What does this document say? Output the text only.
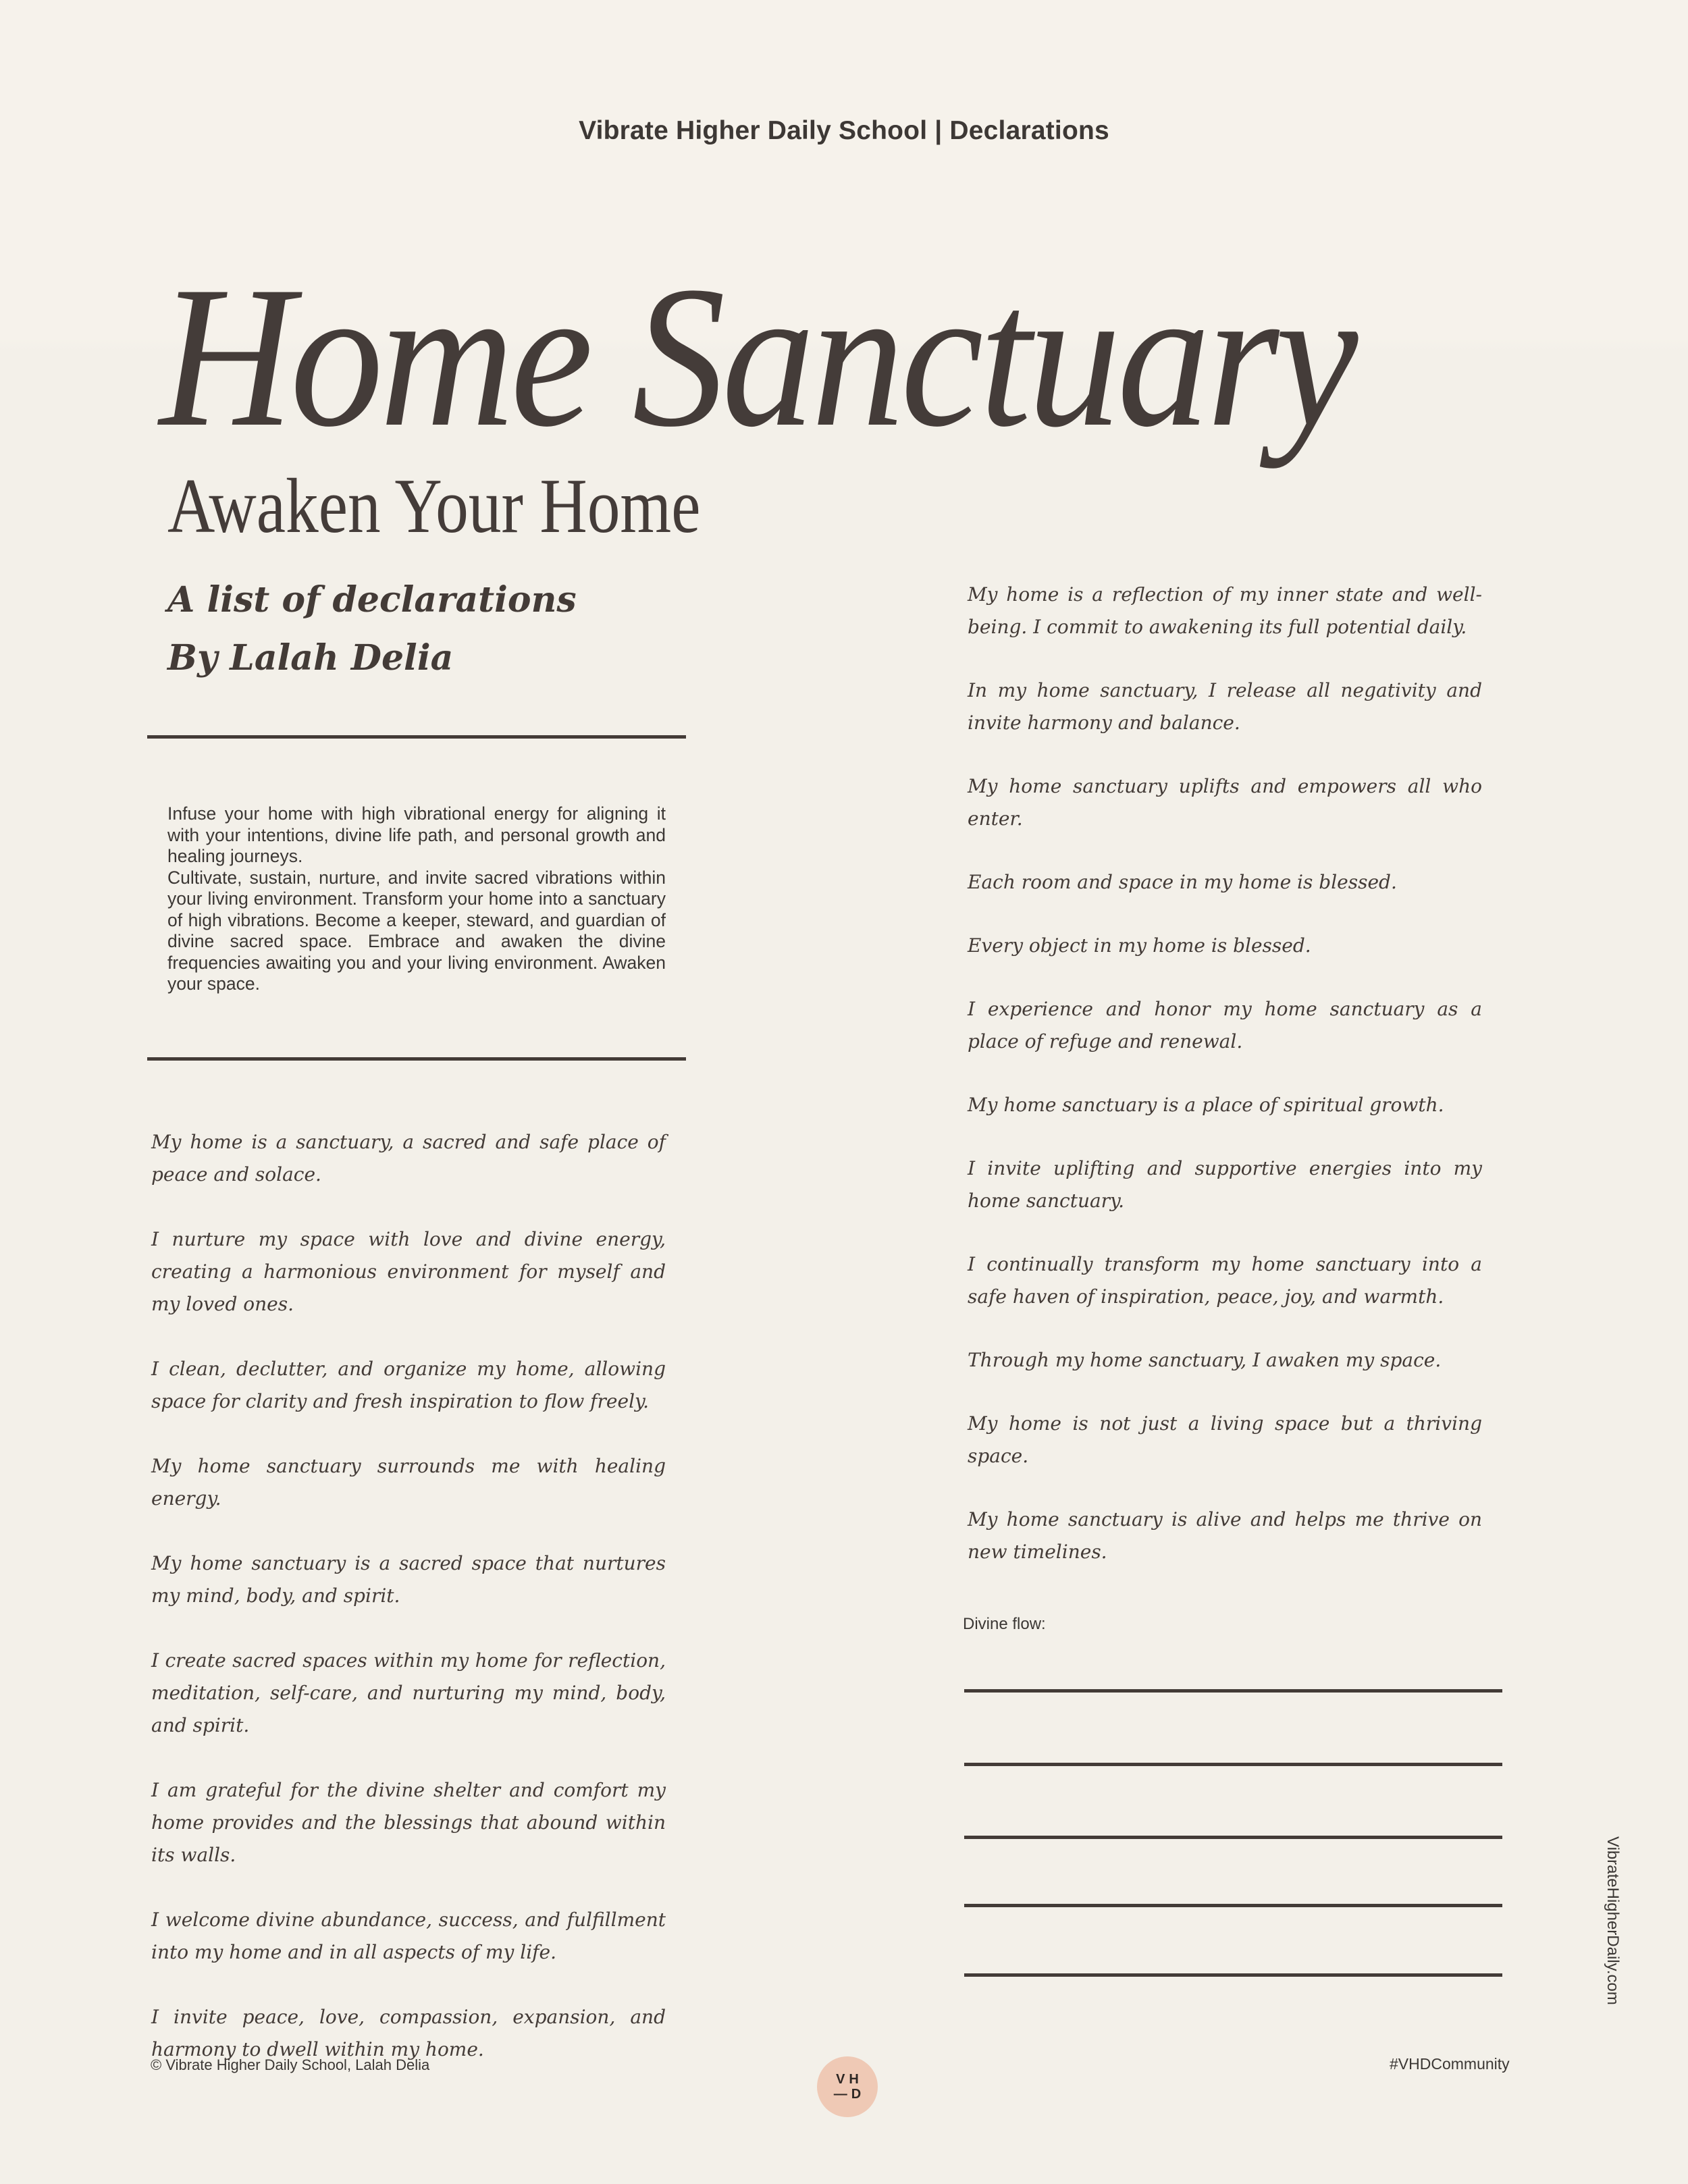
Vibrate Higher Daily School | Declarations
Home Sanctuary
Awaken Your Home
A list of declarations
By Lalah Delia

Infuse your home with high vibrational energy for aligning it with your intentions, divine life path, and personal growth and healing journeys.

Cultivate, sustain, nurture, and invite sacred vibrations within your living environment. Transform your home into a sanctuary of high vibrations. Become a keeper, steward, and guardian of divine sacred space. Embrace and awaken the divine frequencies awaiting you and your living environment. Awaken your space.

My home is a sanctuary, a sacred and safe place of peace and solace.

I nurture my space with love and divine energy, creating a harmonious environment for myself and my loved ones.

I clean, declutter, and organize my home, allowing space for clarity and fresh inspiration to flow freely.

My home sanctuary surrounds me with healing energy.

My home sanctuary is a sacred space that nurtures my mind, body, and spirit.

I create sacred spaces within my home for reflection, meditation, self-care, and nurturing my mind, body, and spirit.

I am grateful for the divine shelter and comfort my home provides and the blessings that abound within its walls.

I welcome divine abundance, success, and fulfillment into my home and in all aspects of my life.

I invite peace, love, compassion, expansion, and harmony to dwell within my home.

My home is a reflection of my inner state and well-being. I commit to awakening its full potential daily.

In my home sanctuary, I release all negativity and invite harmony and balance.

My home sanctuary uplifts and empowers all who enter.

Each room and space in my home is blessed.

Every object in my home is blessed.

I experience and honor my home sanctuary as a place of refuge and renewal.

My home sanctuary is a place of spiritual growth.

I invite uplifting and supportive energies into my home sanctuary.

I continually transform my home sanctuary into a safe haven of inspiration, peace, joy, and warmth.

Through my home sanctuary, I awaken my space.

My home is not just a living space but a thriving space.

My home sanctuary is alive and helps me thrive on new timelines.

Divine flow:
VibrateHigherDaily.com
© Vibrate Higher Daily School, Lalah Delia
VH
—D
#VHDCommunity
